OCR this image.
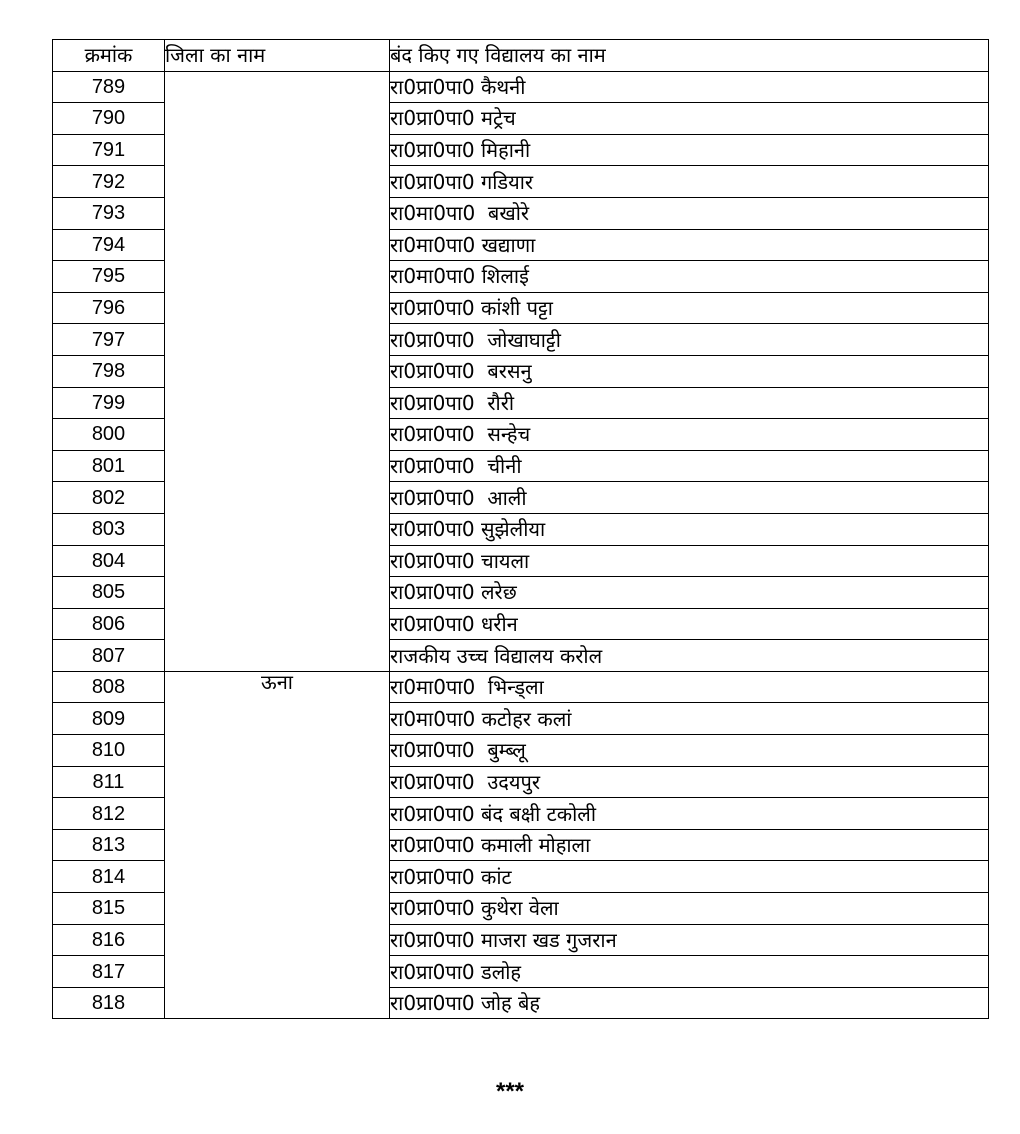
क्रमांक	जिला का नाम	बंद किए गए विद्यालय का नाम
789		रा0प्रा0पा0 कैथनी
790		रा0प्रा0पा0 मट्रेच
791		रा0प्रा0पा0 मिहानी
792		रा0प्रा0पा0 गडियार
793		रा0मा0पा0  बखोरे
794		रा0मा0पा0 खद्याणा
795		रा0मा0पा0 शिलाई
796		रा0प्रा0पा0 कांशी पट्टा
797		रा0प्रा0पा0  जोखाघाट्टी
798		रा0प्रा0पा0  बरसनु
799		रा0प्रा0पा0  रौरी
800		रा0प्रा0पा0  सन्हेच
801		रा0प्रा0पा0  चीनी
802		रा0प्रा0पा0  आली
803		रा0प्रा0पा0 सुझेलीया
804		रा0प्रा0पा0 चायला
805		रा0प्रा0पा0 लरेछ
806		रा0प्रा0पा0 धरीन
807		राजकीय उच्च विद्यालय करोल
808	ऊना	रा0मा0पा0  भिन्ड्ला
809		रा0मा0पा0 कटोहर कलां
810		रा0प्रा0पा0  बुम्ब्लू
811		रा0प्रा0पा0  उदयपुर
812		रा0प्रा0पा0 बंद बक्षी टकोली
813		रा0प्रा0पा0 कमाली मोहाला
814		रा0प्रा0पा0 कांट
815		रा0प्रा0पा0 कुथेरा वेला
816		रा0प्रा0पा0 माजरा खड गुजरान
817		रा0प्रा0पा0 डलोह
818		रा0प्रा0पा0 जोह बेह
***
